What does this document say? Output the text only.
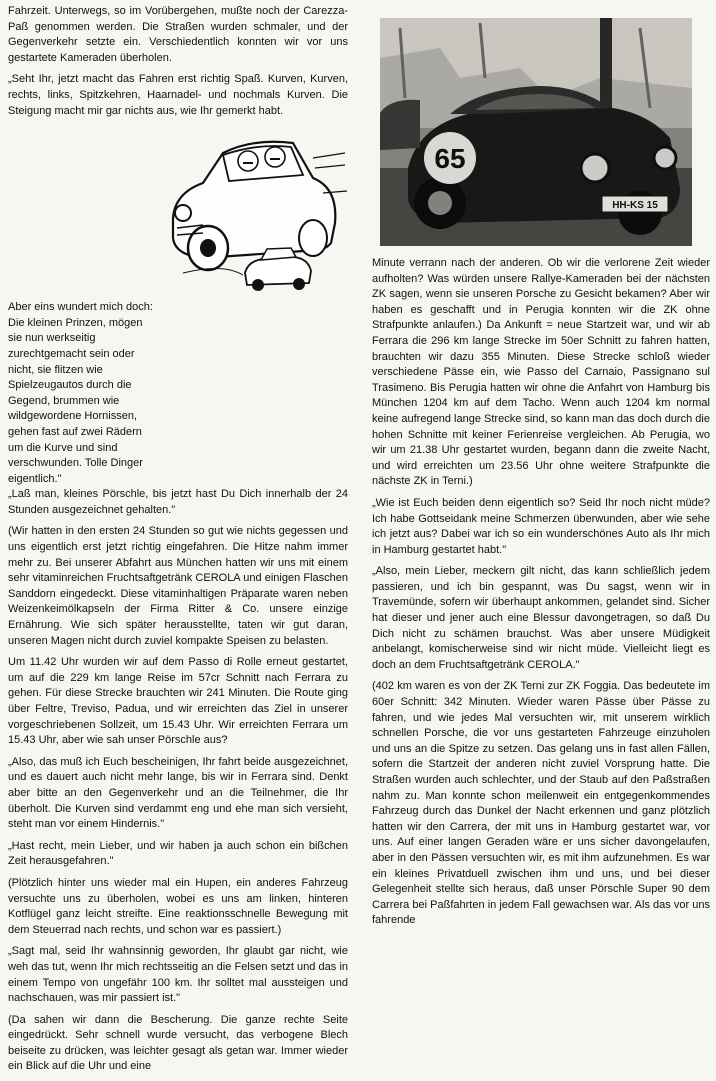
65
HH-KS 15

Fahrzeit. Unterwegs, so im Vorübergehen, mußte noch der Carezza-Paß genommen werden. Die Straßen wurden schmaler, und der Gegenverkehr setzte ein. Verschiedentlich konnten wir vor uns gestartete Kameraden überholen.

„Seht Ihr, jetzt macht das Fahren erst richtig Spaß. Kurven, Kurven, rechts, links, Spitzkehren, Haarnadel- und nochmals Kurven. Die Steigung macht mir gar nichts aus, wie Ihr gemerkt habt.

Aber eins wundert mich doch: Die kleinen Prinzen, mögen sie nun werkseitig zurechtgemacht sein oder nicht, sie flitzen wie Spielzeugautos durch die Gegend, brummen wie wildgewordene Hornissen, gehen fast auf zwei Rädern um die Kurve und sind verschwunden. Tolle Dinger eigentlich."

„Laß man, kleines Pörschle, bis jetzt hast Du Dich innerhalb der 24 Stunden ausgezeichnet gehalten."

(Wir hatten in den ersten 24 Stunden so gut wie nichts gegessen und uns eigentlich erst jetzt richtig eingefahren. Die Hitze nahm immer mehr zu. Bei unserer Abfahrt aus München hatten wir uns mit einem sehr vitaminreichen Fruchtsaftgetränk CEROLA und einigen Flaschen Sanddorn eingedeckt. Diese vitaminhaltigen Präparate waren neben Weizenkeimölkapseln der Firma Ritter & Co. unsere einzige Ernährung. Wie sich später herausstellte, taten wir gut daran, unseren Magen nicht durch zuviel kompakte Speisen zu belasten.

Um 11.42 Uhr wurden wir auf dem Passo di Rolle erneut gestartet, um auf die 229 km lange Reise im 57cr Schnitt nach Ferrara zu gehen. Für diese Strecke brauchten wir 241 Minuten. Die Route ging über Feltre, Treviso, Padua, und wir erreichten das Ziel in unserer vorgeschriebenen Sollzeit, um 15.43 Uhr. Wir erreichten Ferrara um 15.43 Uhr, aber wie sah unser Pörschle aus?

„Also, das muß ich Euch bescheinigen, Ihr fahrt beide ausgezeichnet, und es dauert auch nicht mehr lange, bis wir in Ferrara sind. Denkt aber bitte an den Gegenverkehr und an die Teilnehmer, die Ihr überholt. Die Kurven sind verdammt eng und ehe man sich versieht, steht man vor einem Hindernis."

„Hast recht, mein Lieber, und wir haben ja auch schon ein bißchen Zeit herausgefahren."

(Plötzlich hinter uns wieder mal ein Hupen, ein anderes Fahrzeug versuchte uns zu überholen, wobei es uns am linken, hinteren Kotflügel ganz leicht streifte. Eine reaktionsschnelle Bewegung mit dem Steuerrad nach rechts, und schon war es passiert.)

„Sagt mal, seid Ihr wahnsinnig geworden, Ihr glaubt gar nicht, wie weh das tut, wenn Ihr mich rechtsseitig an die Felsen setzt und das in einem Tempo von ungefähr 100 km. Ihr solltet mal aussteigen und nachschauen, was mir passiert ist."

(Da sahen wir dann die Bescherung. Die ganze rechte Seite eingedrückt. Sehr schnell wurde versucht, das verbogene Blech beiseite zu drücken, was leichter gesagt als getan war. Immer wieder ein Blick auf die Uhr und eine

Minute verrann nach der anderen. Ob wir die verlorene Zeit wieder aufholten? Was würden unsere Rallye-Kameraden bei der nächsten ZK sagen, wenn sie unseren Porsche zu Gesicht bekamen? Aber wir haben es geschafft und in Perugia konnten wir die ZK ohne Strafpunkte anlaufen.) Da Ankunft = neue Startzeit war, und wir ab Ferrara die 296 km lange Strecke im 50er Schnitt zu fahren hatten, brauchten wir dazu 355 Minuten. Diese Strecke schloß wieder verschiedene Pässe ein, wie Passo del Carnaio, Passignano sul Trasimeno. Bis Perugia hatten wir ohne die Anfahrt von Hamburg bis München 1204 km auf dem Tacho. Wenn auch 1204 km normal keine aufregend lange Strecke sind, so kann man das doch durch die hohen Schnitte mit keiner Ferienreise vergleichen. Ab Perugia, wo wir um 21.38 Uhr gestartet wurden, begann dann die zweite Nacht, und wird erreichten um 23.56 Uhr ohne weitere Strafpunkte die nächste ZK in Terni.)

„Wie ist Euch beiden denn eigentlich so? Seid Ihr noch nicht müde? Ich habe Gottseidank meine Schmerzen überwunden, aber wie sehe ich jetzt aus? Dabei war ich so ein wunderschönes Auto als Ihr mich in Hamburg gestartet habt."

„Also, mein Lieber, meckern gilt nicht, das kann schließlich jedem passieren, und ich bin gespannt, was Du sagst, wenn wir in Travemünde, sofern wir überhaupt ankommen, gelandet sind. Sicher hat dieser und jener auch eine Blessur davongetragen, so daß Du Dich nicht zu schämen brauchst. Was aber unsere Müdigkeit anbelangt, komischerweise sind wir nicht müde. Vielleicht liegt es doch an dem Fruchtsaftgetränk CEROLA."

(402 km waren es von der ZK Terni zur ZK Foggia. Das bedeutete im 60er Schnitt: 342 Minuten. Wieder waren Pässe über Pässe zu fahren, und wie jedes Mal versuchten wir, mit unserem wirklich schnellen Porsche, die vor uns gestarteten Fahrzeuge einzuholen und uns an die Spitze zu setzen. Das gelang uns in fast allen Fällen, sofern die Startzeit der anderen nicht zuviel Vorsprung hatte. Die Straßen wurden auch schlechter, und der Staub auf den Paßstraßen nahm zu. Man konnte schon meilenweit ein entgegenkommendes Fahrzeug durch das Dunkel der Nacht erkennen und ganz plötzlich hatten wir den Carrera, der mit uns in Hamburg gestartet war, vor uns. Auf einer langen Geraden wäre er uns sicher davongelaufen, aber in den Pässen versuchten wir, es mit ihm aufzunehmen. Es war ein kleines Privatduell zwischen ihm und uns, und bei dieser Gelegenheit stellte sich heraus, daß unser Pörschle Super 90 dem Carrera bei Paßfahrten in jedem Fall gewachsen war. Als das vor uns fahrende
